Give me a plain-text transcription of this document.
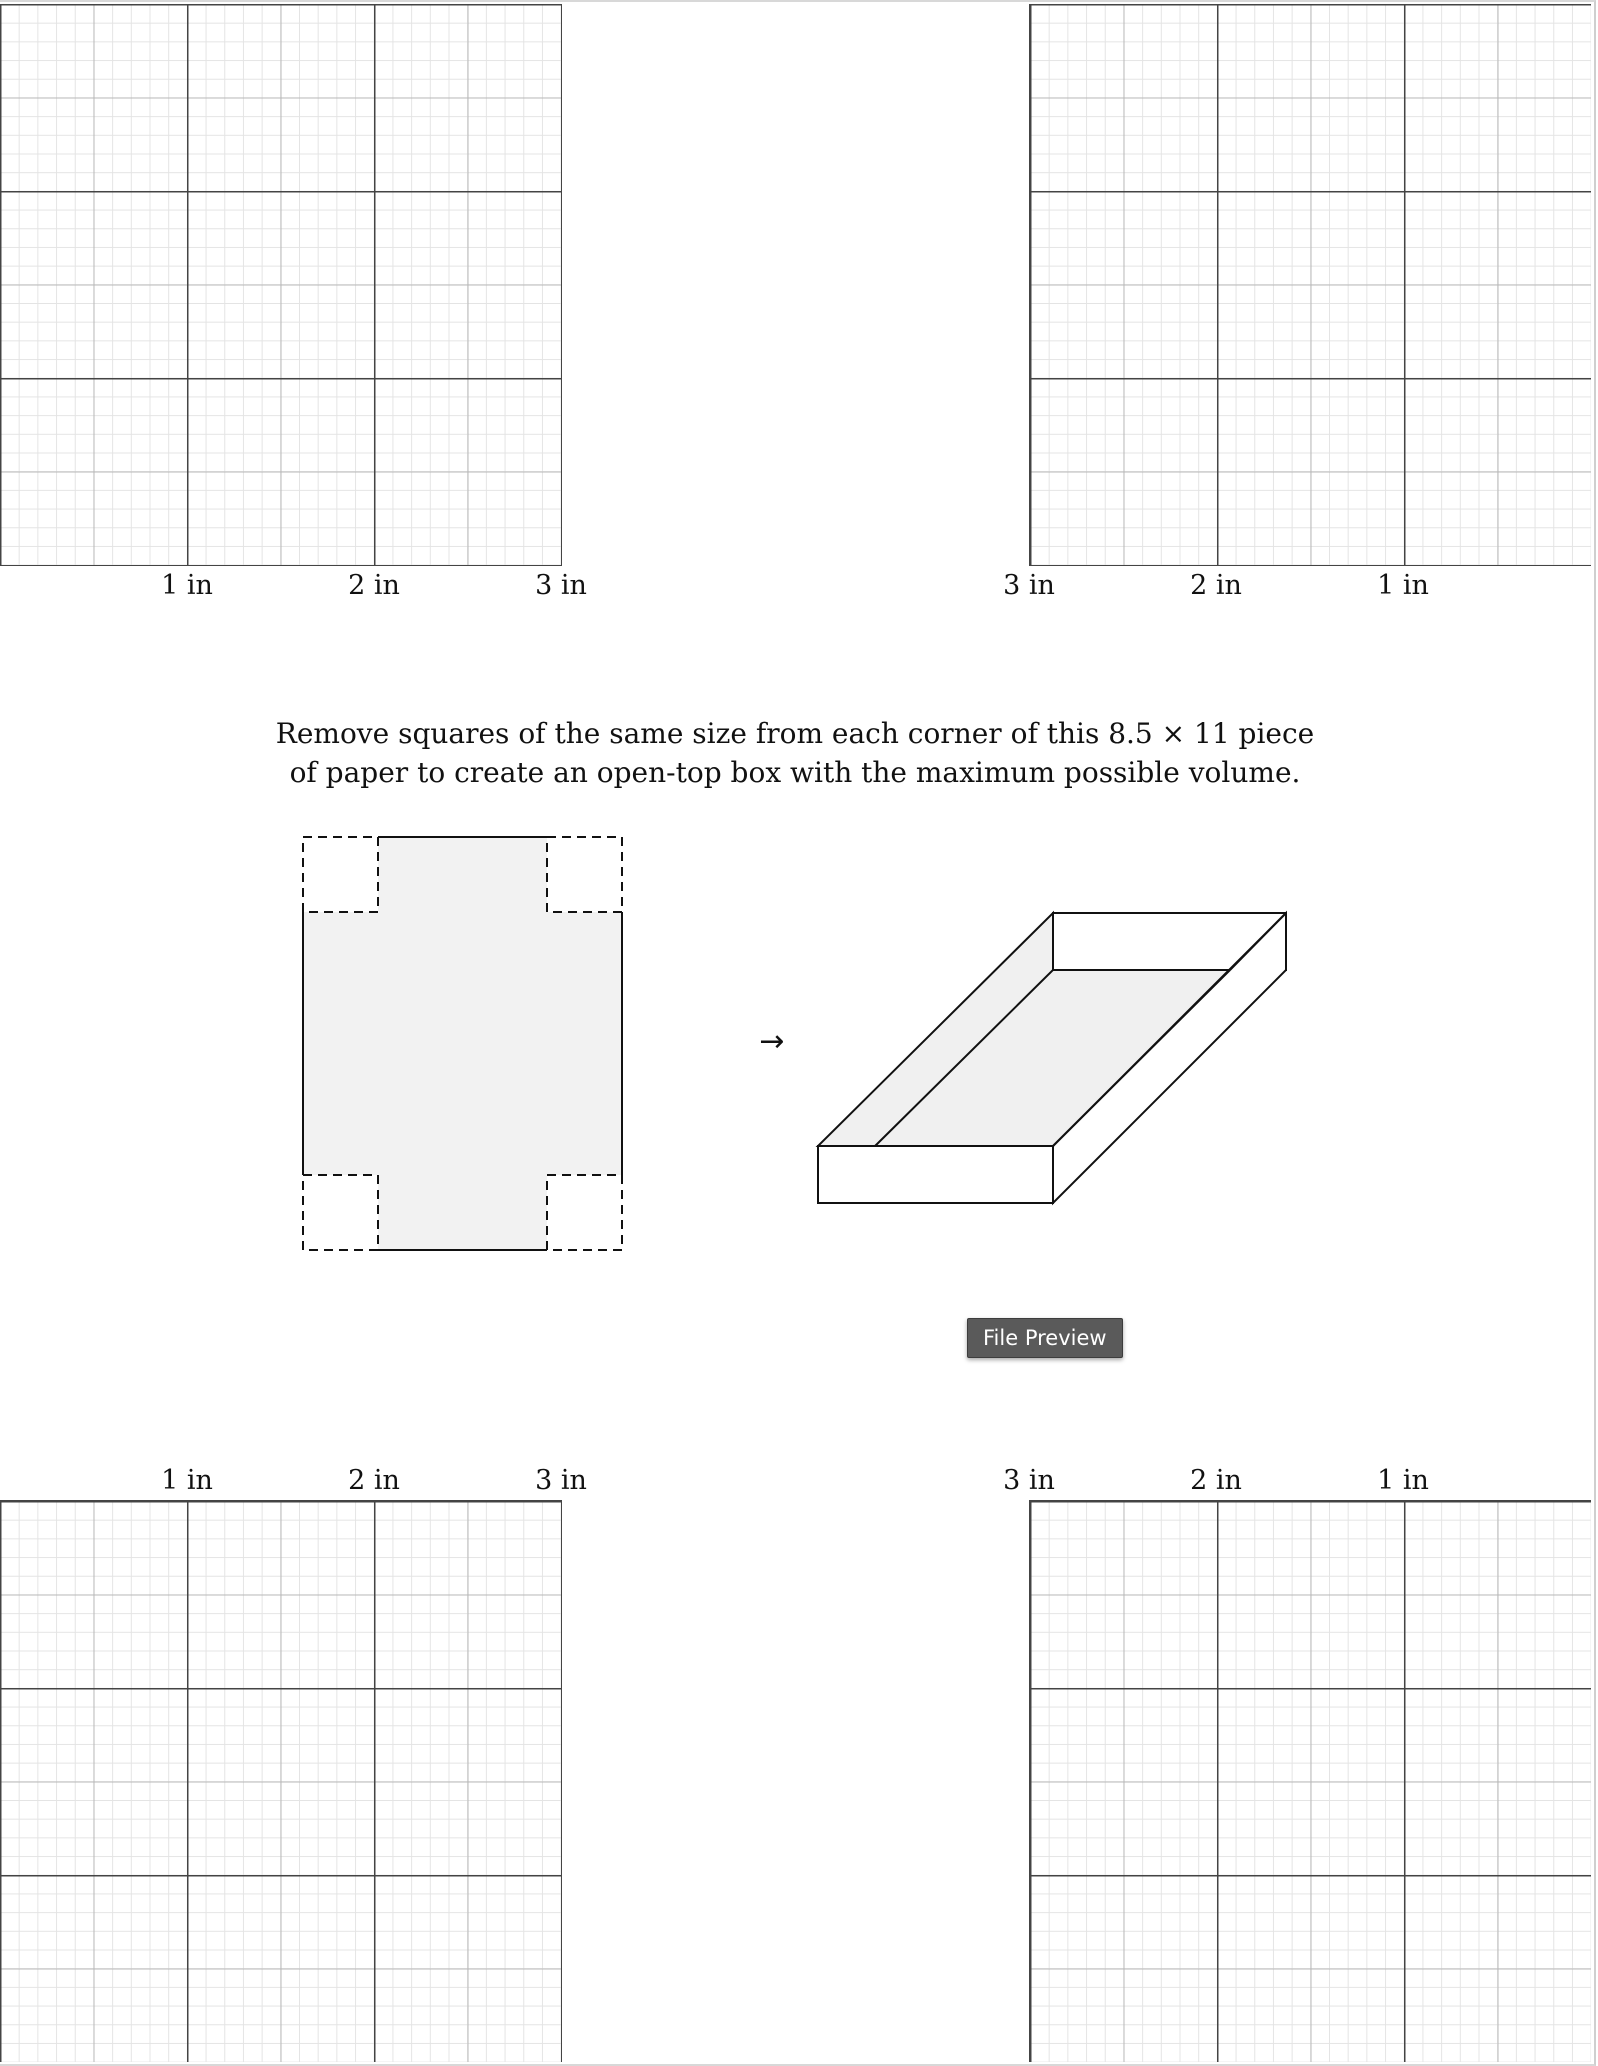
1 in	2 in	3 in	3 in	2 in	1 in

Remove squares of the same size from each corner of this 8.5 × 11 piece

of paper to create an open-top box with the maximum possible volume.

→
File Preview
1 in	2 in	3 in	3 in	2 in	1 in
